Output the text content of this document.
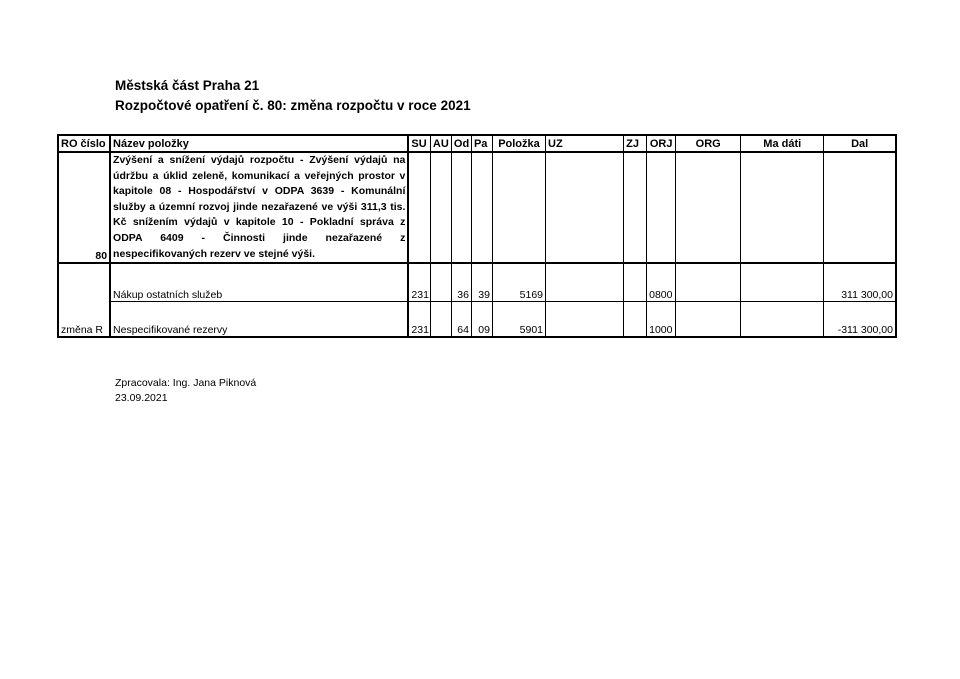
Městská část Praha 21
Rozpočtové opatření č. 80: změna rozpočtu v roce 2021
RO číslo	Název položky	SU	AU	Od	Pa	Položka	UZ	ZJ	ORJ	ORG	Ma dáti	Dal
80	Zvýšení a snížení výdajů rozpočtu - Zvýšení výdajů na údržbu a úklid zeleně, komunikací a veřejných prostor v kapitole 08 - Hospodářství v ODPA 3639 - Komunální služby a územní rozvoj jinde nezařazené ve výši 311,3 tis. Kč snížením výdajů v kapitole 10 - Pokladní správa z ODPA 6409 - Činnosti jinde nezařazené z nespecifikovaných rezerv ve stejné výši.											
změna R	Nákup ostatních služeb	231		36	39	5169			0800			311 300,00
	Nespecifikované rezervy	231		64	09	5901			1000			-311 300,00
Zpracovala: Ing. Jana Piknová
23.09.2021
